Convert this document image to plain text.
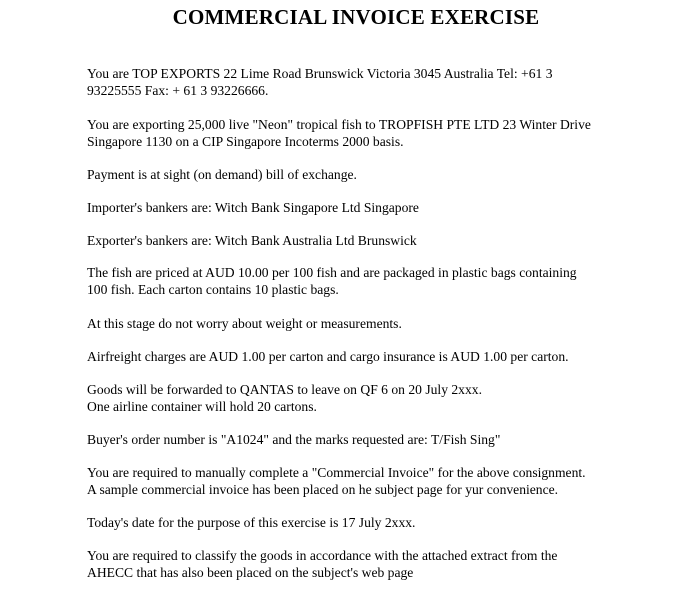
COMMERCIAL INVOICE EXERCISE

You are TOP EXPORTS 22 Lime Road Brunswick Victoria 3045 Australia Tel: +61 3
93225555 Fax: + 61 3 93226666.

You are exporting 25,000 live "Neon" tropical fish to TROPFISH PTE LTD 23 Winter Drive
Singapore 1130 on a CIP Singapore Incoterms 2000 basis.

Payment is at sight (on demand) bill of exchange.

Importer's bankers are: Witch Bank Singapore Ltd Singapore

Exporter's bankers are: Witch Bank Australia Ltd Brunswick

The fish are priced at AUD 10.00 per 100 fish and are packaged in plastic bags containing
100 fish. Each carton contains 10 plastic bags.

At this stage do not worry about weight or measurements.

Airfreight charges are AUD 1.00 per carton and cargo insurance is AUD 1.00 per carton.

Goods will be forwarded to QANTAS to leave on QF 6 on 20 July 2xxx.
One airline container will hold 20 cartons.

Buyer's order number is "A1024" and the marks requested are: T/Fish Sing"

You are required to manually complete a "Commercial Invoice" for the above consignment.
A sample commercial invoice has been placed on he subject page for yur convenience.

Today's date for the purpose of this exercise is 17 July 2xxx.

You are required to classify the goods in accordance with the attached extract from the
AHECC that has also been placed on the subject's web page
